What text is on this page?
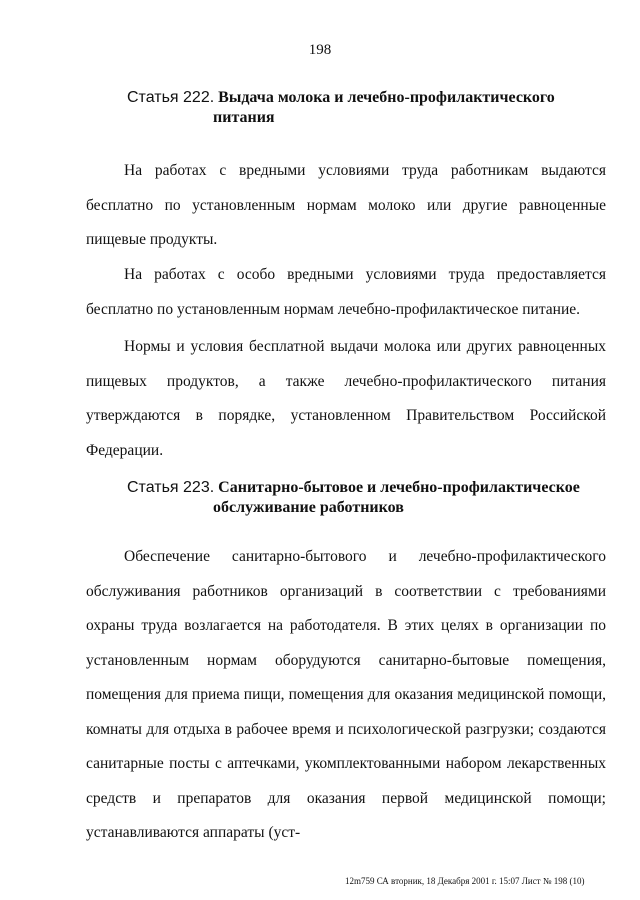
198
Статья 222. Выдача молока и лечебно-профилактического
питания

На работах с вредными условиями труда работникам выдаются бесплатно по установленным нормам молоко или другие равноценные пищевые продукты.

На работах с особо вредными условиями труда предоставляется бесплатно по установленным нормам лечебно-профилактическое питание.

Нормы и условия бесплатной выдачи молока или других равноценных пищевых продуктов, а также лечебно-профилактического питания утверждаются в порядке, установленном Правительством Российской Федерации.

Статья 223. Санитарно-бытовое и лечебно-профилактическое
обслуживание работников

Обеспечение санитарно-бытового и лечебно-профилактического обслуживания работников организаций в соответствии с требованиями охраны труда возлагается на работодателя. В этих целях в организации по установленным нормам оборудуются санитарно-бытовые помещения, помещения для приема пищи, помещения для оказания медицинской помощи, комнаты для отдыха в рабочее время и психологической разгрузки; создаются санитарные посты с аптечками, укомплектованными набором лекарственных средств и препаратов для оказания первой медицинской помощи; устанавливаются аппараты (уст-

12m759 СА вторник, 18 Декабря 2001 г. 15:07 Лист № 198 (10)
